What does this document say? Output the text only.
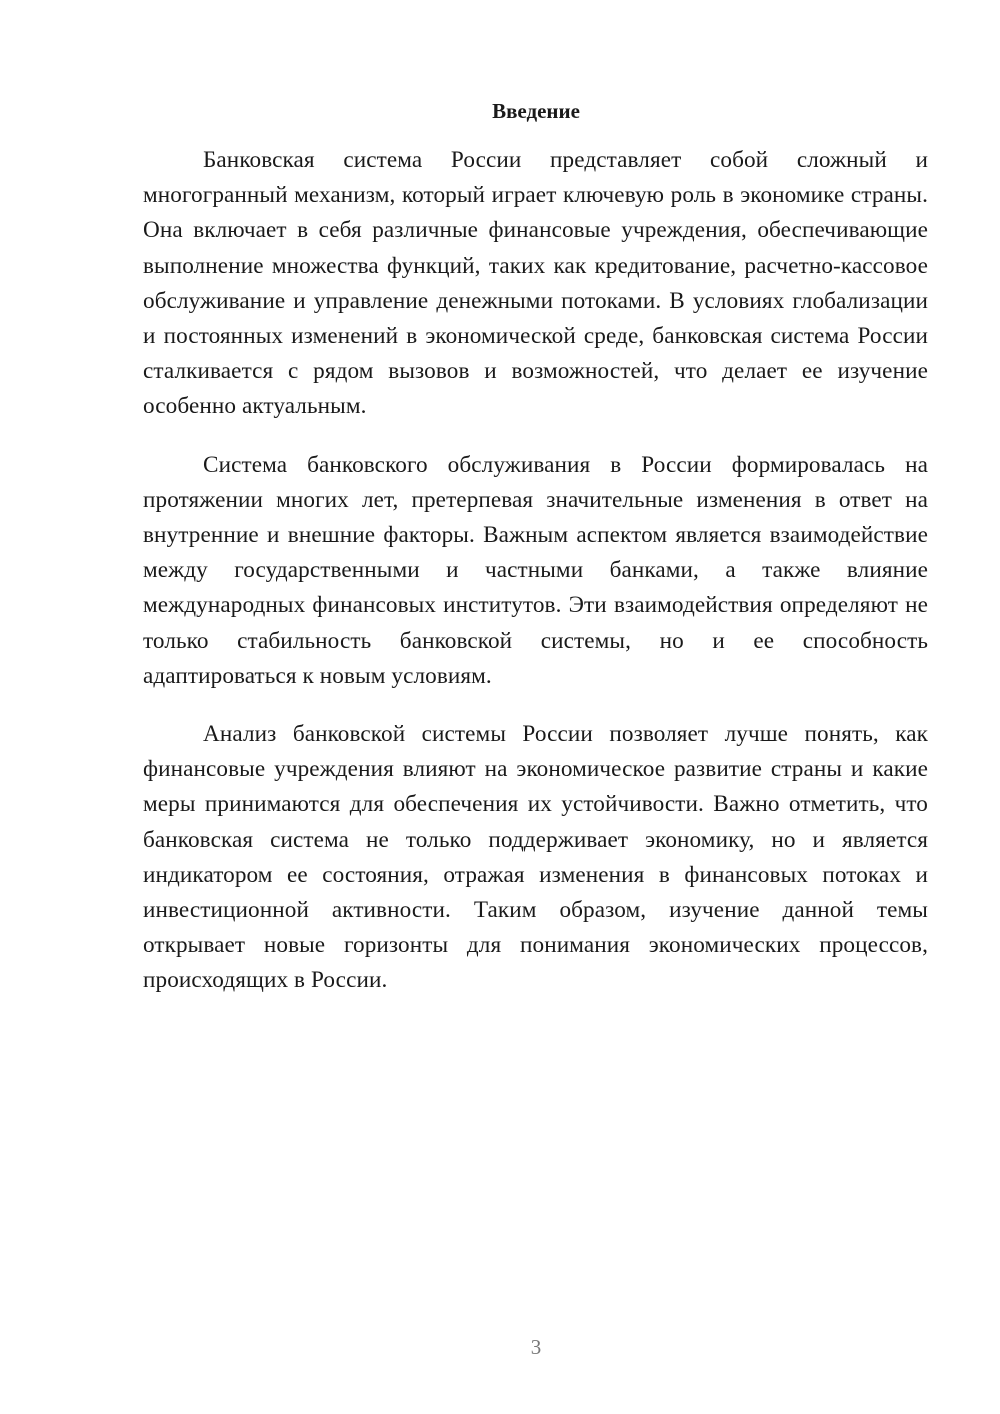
Введение

Банковская система России представляет собой сложный и многогранный механизм, который играет ключевую роль в экономике страны. Она включает в себя различные финансовые учреждения, обеспечивающие выполнение множества функций, таких как кредитование, расчетно-кассовое обслуживание и управление денежными потоками. В условиях глобализации и постоянных изменений в экономической среде, банковская система России сталкивается с рядом вызовов и возможностей, что делает ее изучение особенно актуальным.

Система банковского обслуживания в России формировалась на протяжении многих лет, претерпевая значительные изменения в ответ на внутренние и внешние факторы. Важным аспектом является взаимодействие между государственными и частными банками, а также влияние международных финансовых институтов. Эти взаимодействия определяют не только стабильность банковской системы, но и ее способность адаптироваться к новым условиям.

Анализ банковской системы России позволяет лучше понять, как финансовые учреждения влияют на экономическое развитие страны и какие меры принимаются для обеспечения их устойчивости. Важно отметить, что банковская система не только поддерживает экономику, но и является индикатором ее состояния, отражая изменения в финансовых потоках и инвестиционной активности. Таким образом, изучение данной темы открывает новые горизонты для понимания экономических процессов, происходящих в России.

3
